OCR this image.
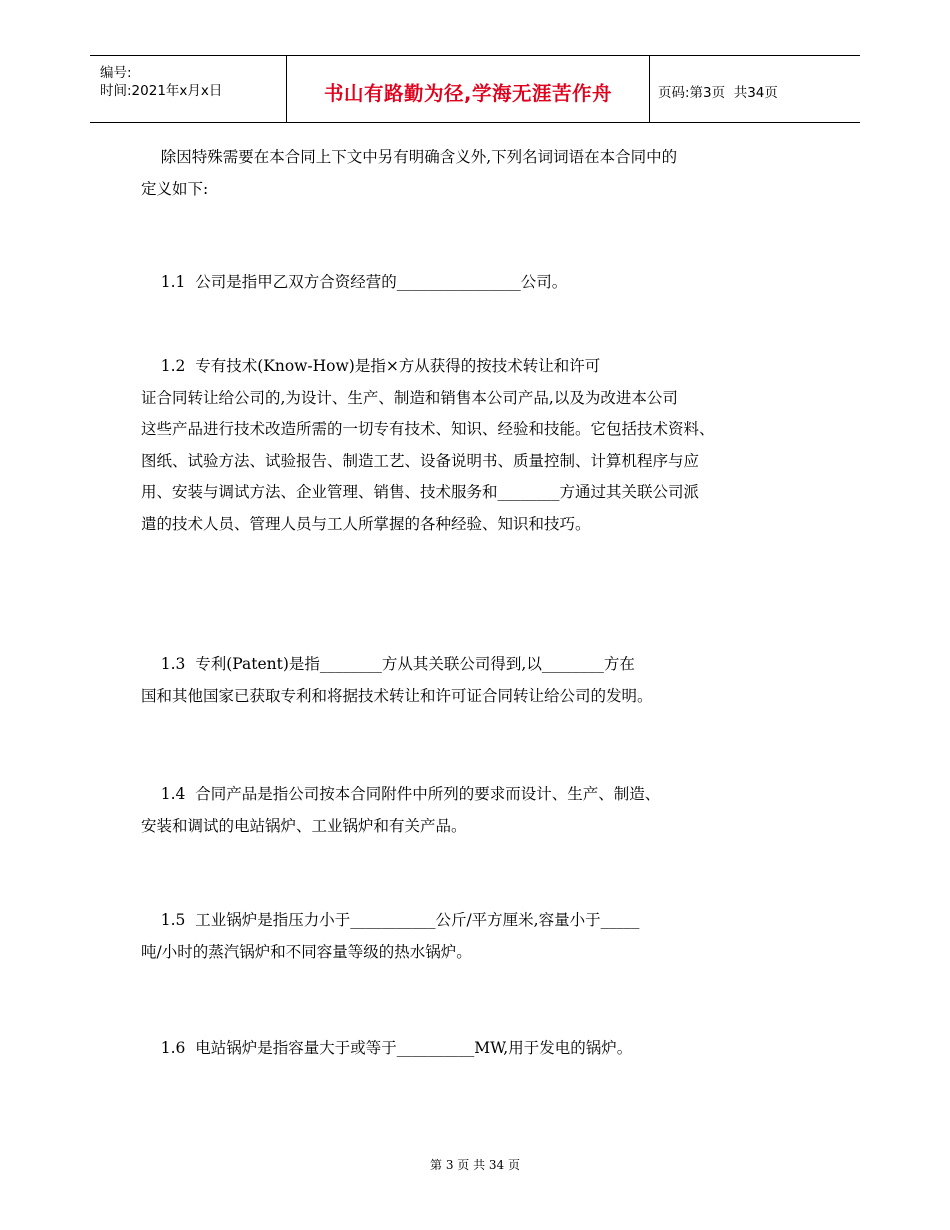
编号:
时间:2021年x月x日	书山有路勤为径,学海无涯苦作舟	页码:第3页  共34页
除因特殊需要在本合同上下文中另有明确含义外,下列名词词语在本合同中的
定义如下:
1.1  公司是指甲乙双方合资经营的________________公司。
1.2  专有技术(Know-How)是指×方从获得的按技术转让和许可
证合同转让给公司的,为设计、生产、制造和销售本公司产品,以及为改进本公司
这些产品进行技术改造所需的一切专有技术、知识、经验和技能。它包括技术资料、
图纸、试验方法、试验报告、制造工艺、设备说明书、质量控制、计算机程序与应
用、安装与调试方法、企业管理、销售、技术服务和________方通过其关联公司派
遣的技术人员、管理人员与工人所掌握的各种经验、知识和技巧。
1.3  专利(Patent)是指________方从其关联公司得到,以________方在
国和其他国家已获取专利和将据技术转让和许可证合同转让给公司的发明。
1.4  合同产品是指公司按本合同附件中所列的要求而设计、生产、制造、
安装和调试的电站锅炉、工业锅炉和有关产品。
1.5  工业锅炉是指压力小于___________公斤/平方厘米,容量小于_____
吨/小时的蒸汽锅炉和不同容量等级的热水锅炉。
1.6  电站锅炉是指容量大于或等于__________MW,用于发电的锅炉。
第 3 页 共 34 页
